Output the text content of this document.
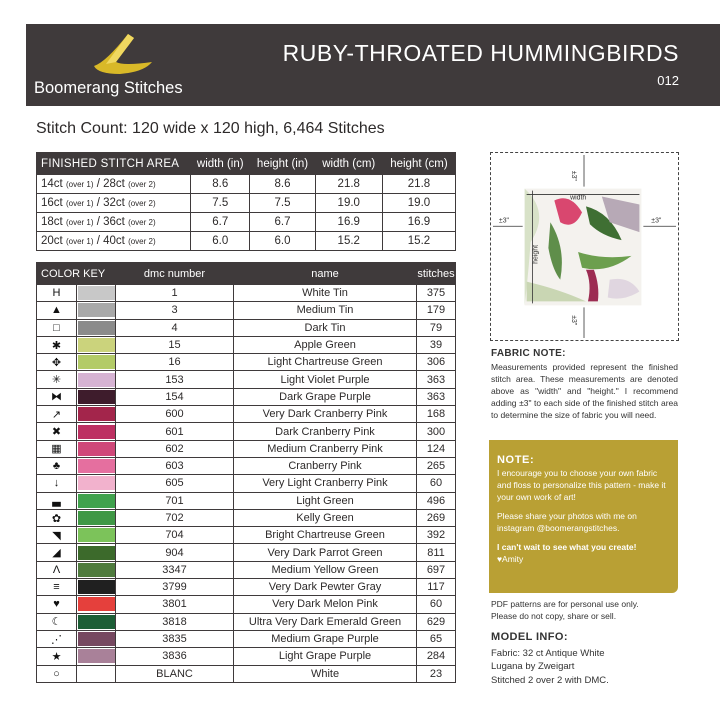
Boomerang Stitches
RUBY-THROATED HUMMINGBIRDS
012
Stitch Count: 120 wide x 120 high, 6,464 Stitches
FINISHED STITCH AREA	width (in)	height (in)	width (cm)	height (cm)
14ct (over 1) / 28ct (over 2)	8.6	8.6	21.8	21.8
16ct (over 1) / 32ct (over 2)	7.5	7.5	19.0	19.0
18ct (over 1) / 36ct (over 2)	6.7	6.7	16.9	16.9
20ct (over 1) / 40ct (over 2)	6.0	6.0	15.2	15.2
COLOR KEY		dmc number	name	stitches
H		1	White Tin	375
▲		3	Medium Tin	179
□		4	Dark Tin	79
✱		15	Apple Green	39
✥		16	Light Chartreuse Green	306
✳		153	Light Violet Purple	363
⧓		154	Dark Grape Purple	363
↗		600	Very Dark Cranberry Pink	168
✖		601	Dark Cranberry Pink	300
▦		602	Medium Cranberry Pink	124
♣		603	Cranberry Pink	265
↓		605	Very Light Cranberry Pink	60
▃		701	Light Green	496
✿		702	Kelly Green	269
◥		704	Bright Chartreuse Green	392
◢		904	Very Dark Parrot Green	811
Λ		3347	Medium Yellow Green	697
≡		3799	Very Dark Pewter Gray	117
♥		3801	Very Dark Melon Pink	60
☾		3818	Ultra Very Dark Emerald Green	629
⋰		3835	Medium Grape Purple	65
★		3836	Light Grape Purple	284
○		BLANC	White	23
±3"
±3"
±3"	±3"
width
height
FABRIC NOTE:
Measurements provided represent the finished stitch area. These measurements are denoted above as "width" and "height." I recommend adding ±3" to each side of the finished stitch area to determine the size of fabric you will need.
NOTE:

I encourage you to choose your own fabric and floss to personalize this pattern - make it your own work of art!

Please share your photos with me on instagram @boomerangstitches.

I can't wait to see what you create!

♥Amity
PDF patterns are for personal use only.
Please do not copy, share or sell.
MODEL INFO:
Fabric: 32 ct Antique White
Lugana by Zweigart
Stitched 2 over 2 with DMC.
